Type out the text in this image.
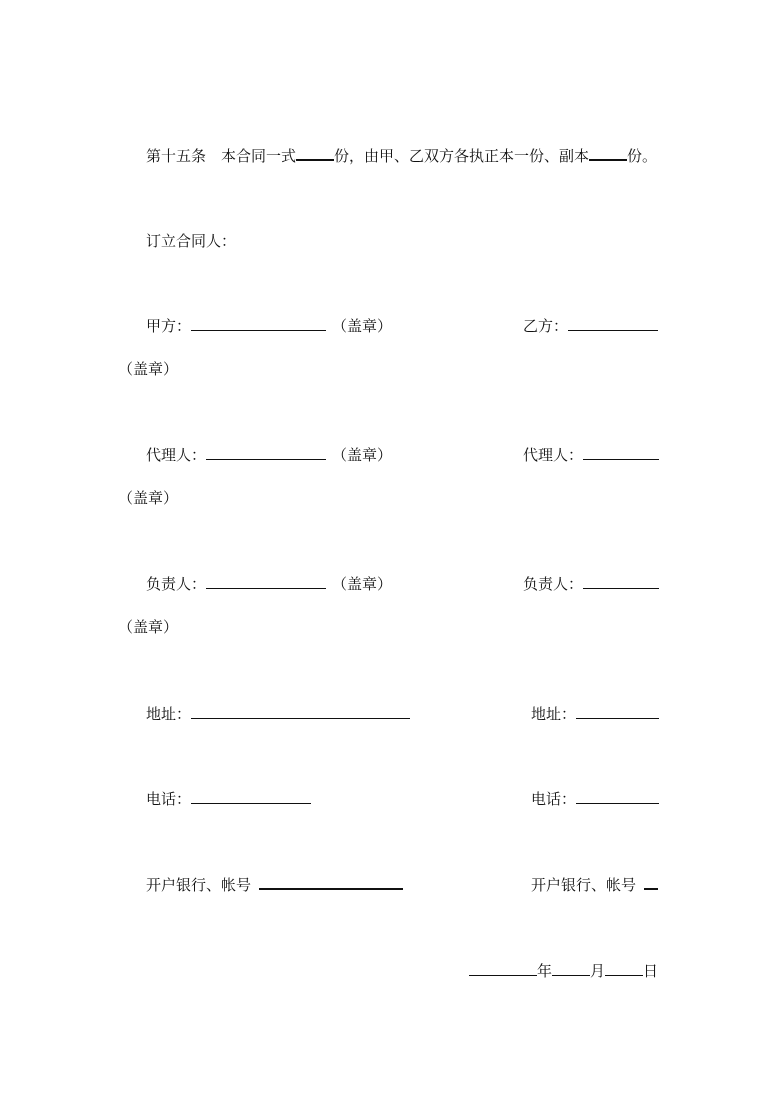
第十五条　本合同一式	份，由甲、乙双方各执正本一份、副本	份。
订立合同人：
甲方：	（盖章）	乙方：
（盖章）
代理人：	（盖章）	代理人：
（盖章）
负责人：	（盖章）	负责人：
（盖章）
地址：	地址：
电话：	电话：
开户银行、帐号	开户银行、帐号
年	月	日
